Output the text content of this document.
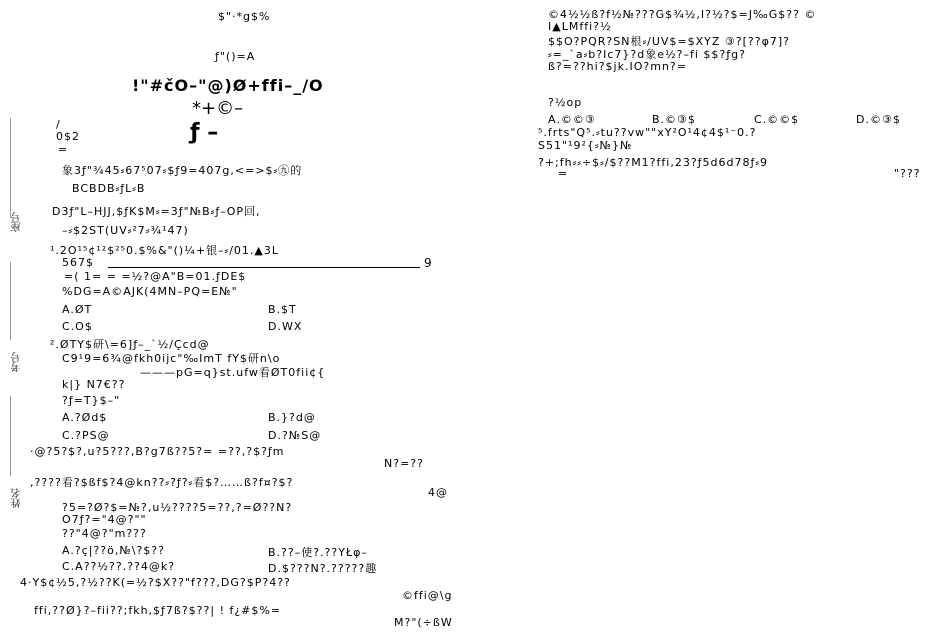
座号
考号
姓名
$"·*g$%
ƒ"()=A
!"#čO–"@)Ø+ffi–_/O
*+©–
ƒ –
/
0$2
=
象3ƒ"¾45⸗67⁵07⸗$ƒ9=407g,<=>$⸗㊈的
BCBDB⸗ƒL⸗B
D3ƒ"L–HJJ,$ƒK$M⸗=3ƒ"№B⸗ƒ–OP回,
–⸗$2ST(UV⸗²7⸗¾¹47)
¹.2O¹⁵¢¹²$²⁵0.$%&"()¼+银–⸗/01.▲3L
567$	9
=( 1= = =½?@A"B=01.ƒDE$
%DG=A©AJK(4MN–PQ=E№"
A.ØT	B.$T
C.O$	D.WX
².ØTY$研\=6]ƒ–_`½/Çcd@
C9¹9=6¾@fkh0ijc"‰ImT fY$研n\o
———pG=q}st.ufw看ØT0fii¢{
k|} N7€??
?ƒ=T}$–"
A.?Ød$	B.}?d@
C.?PS@	D.?№S@
·@?5?$?,u?5???,B?g7ß??5?= =??,?$?ƒm
N?=??
,????看?$ßf$?4@kn??⸗?ƒ?⸗看$?……ß?f¤?$?
4@
?5=?Ø?$=№?,u½????5=??,?=Ø??N?
O7ƒ?="4@?""
??"4@?"m???
A.?ç|??ö,№\?$??	B.??–使?.??YŁφ–
C.A??½??.??4@k?	D.$???N?.?????趣
4·Y$¢½5,?½??K(=½?$X??"f???,DG?$P?4??
©ffi@\g
ffi,??Ø}?–fii??;fkh,$ƒ7ß?$??| ! f¿#$%=
M?"(÷ßW
©4½½ß?f½№???G$¾½,I?½?$=J‰G$?? ©
I▲LMffi?½
$$O?PQR?SN根⸗/UV$=$XYZ ③?[??φ7]?
⸗=_`a⸗b?Ic7}?d象e½?–fi $$?ƒg?
ß?=??hi?$jk.IO?mn?=
?½op
A.©©③	B.©③$	C.©©$	D.©③$
⁵.frts"Q⁵.⸗tu??vw""xY²O¹4¢4$¹⁻0.?
S51"¹9²{⸗№}№
?+;fh⸗⸗÷$⸗/$??M1?ffi,23?ƒ5d6d78ƒ⸗9
=	"???
